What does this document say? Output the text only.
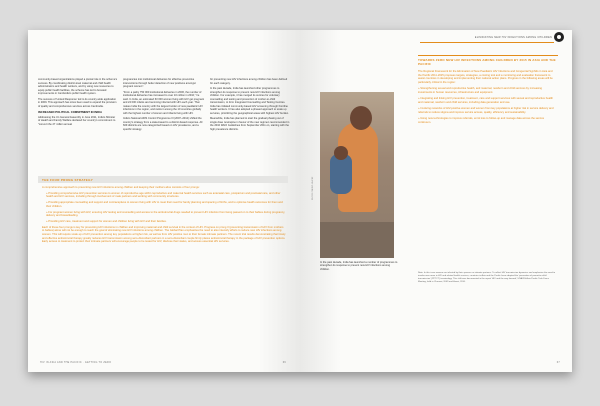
community-based organizations played a pivotal role in the scheme's success. By coordinating district-level maternal and child health administrators and health workers, and by using new resources to equip public health facilities, the scheme has led to boosted improvements in Cambodia's public health system.

The success of 'Linked Response' led to its country-wide application in 2009. This approach has since been used to expand the provision of quality and comprehensive services across Cambodia.

INCREASED POLITICAL COMMITMENT IN INDIA

Addressing the Un General Assembly in June 2011, India's Minister of Health and Family Welfare declared her country's commitment to "convert the 27 million annual

pregnancies into institutional deliveries for effective preventive interventions through better detection of new positives amongst pregnant women".

"From a paltry 750 000 institutional deliveries in 2006, the number of institutional deliveries has increased to over 10 million in 2010," he said. In India, an estimated 63 000 women living with HIV get pregnant and 24 000 infants are becoming infected with HIV each year. That makes India the country with the largest burden of new paediatric HIV infections in the region, and ranks it among the 10 countries globally with the highest number of women and infants living with HIV.

India's National AIDS Control Programme III (2007–2012) shifted the country's strategy from a state-based to a district-based response. All 609 districts are now categorized based on HIV prevalence, and a specific strategy

for preventing new HIV infections among children has been defined for each category.

In the past decade, India has launched other programmes to strengthen its response to prevent new HIV infections among children. For example, it has merged its centres for voluntary counselling and testing and prevention of mother-to-child transmission, to form Integrated Counselling and Testing Centres. India has initiated community-based HIV screening through frontline health workers. It has also adopted a phased approach to scale up services, prioritizing the geographical areas with highest HIV burden.

Meanwhile, India has planned to start the gradual phasing out of single dose nevirapine in favour of the new regimen recommended in the 2010 WHO Guidelines from September 2011 on, starting with the high prevalence districts.

THE FOUR PRONG STRATEGY

A comprehensive approach to preventing new HIV infections among children and keeping their mothers alive consists of four prongs:

» Providing comprehensive HIV prevention services to women of reproductive age within reproductive and maternal health services such as antenatal care, postpartum and postnatal care, and other health and HIV services, including through involvement of male partners and working with community structures.

» Providing appropriate counselling and support and contraceptives to women living with HIV to meet their need for family planning and spacing of births, and to optimise health outcomes for them and their children.

» For pregnant women living with HIV, ensuring HIV testing and counselling and access to the antiretroviral drugs needed to prevent HIV infection from being passed on to their babies during pregnancy, delivery and breastfeeding.

» Providing HIV care, treatment and support for women and children living with HIV and their families.

Each of these four prongs is key for preventing HIV infections in children and improving maternal and child survival in the context of HIV. Progress on prong 3 (preventing transmission of HIV from mothers to babies) alone will not be enough to reach the goal of eliminating new HIV infections among children. The Global Plan emphasizes the need to also intensify efforts to reduce new HIV infections among women. This will require scale-up of HIV prevention among key populations at higher risk, as well as from HIV positive men to their female intimate partners. The recent trial results demonstrating that timely and effective antiretroviral therapy greatly reduces HIV transmission among sero-discordant partners in a sero-discordant couple firmly places antiretroviral therapy in the package of HIV prevention options. Early access to treatment to protect their intimate partners will encourage people to be tested for HIV, disclose their status, and access essential HIV services.

HIV IN ASIA AND THE PACIFIC · GETTING TO ZERO	66
ELIMINATING NEW HIV INFECTIONS AMONG CHILDREN
PHOTO CREDIT: UNICEF
In the past decade, India has launched a number of programmes to strengthen its response to prevent new HIV infections among children.
TOWARDS ZERO NEW HIV INFECTIONS AMONG CHILDREN BY 2015 IN ASIA AND THE PACIFIC

The Regional Framework for the Elimination of New Paediatric HIV Infections and Congenital Syphilis in Asia and the Pacific 2011-2015 proposes targets, strategies, a costing tool and a monitoring and evaluation framework to assist countries in developing and implementing their national action plans. Progress in the following areas will be particularly critical in the region:

» Strengthening sexual and reproductive health, and maternal, newborn and child services by increasing investments in human resources, infrastructure and equipment.

» Integrating and linking HIV prevention, treatment, care and support services with sexual and reproductive health and maternal, newborn and child services, including data generation and use.

» Involving networks of HIV-positive women and women from key populations at higher risk in service delivery and referrals to reduce stigma and improve service access, quality, efficiency and sustainability.

» Using new technologies to improve referrals, enrol loss to follow-up and manage data across the service continuum.

Note: In this issue women are infected by their spouses or intimate partners. To reflect HIV transmission dynamics and emphasize the need to involve men more in HIV and related health services, countries in Asia and the Pacific have adopted the 'prevention of parent-to-child transmission' (PPTCT) terminology. This shift was documented in the report 'HIV and the way forward', UNAIDS Asia Pacific Task Force Meeting, held in Chennai, 2009 and Hanoi, 2010.
67
